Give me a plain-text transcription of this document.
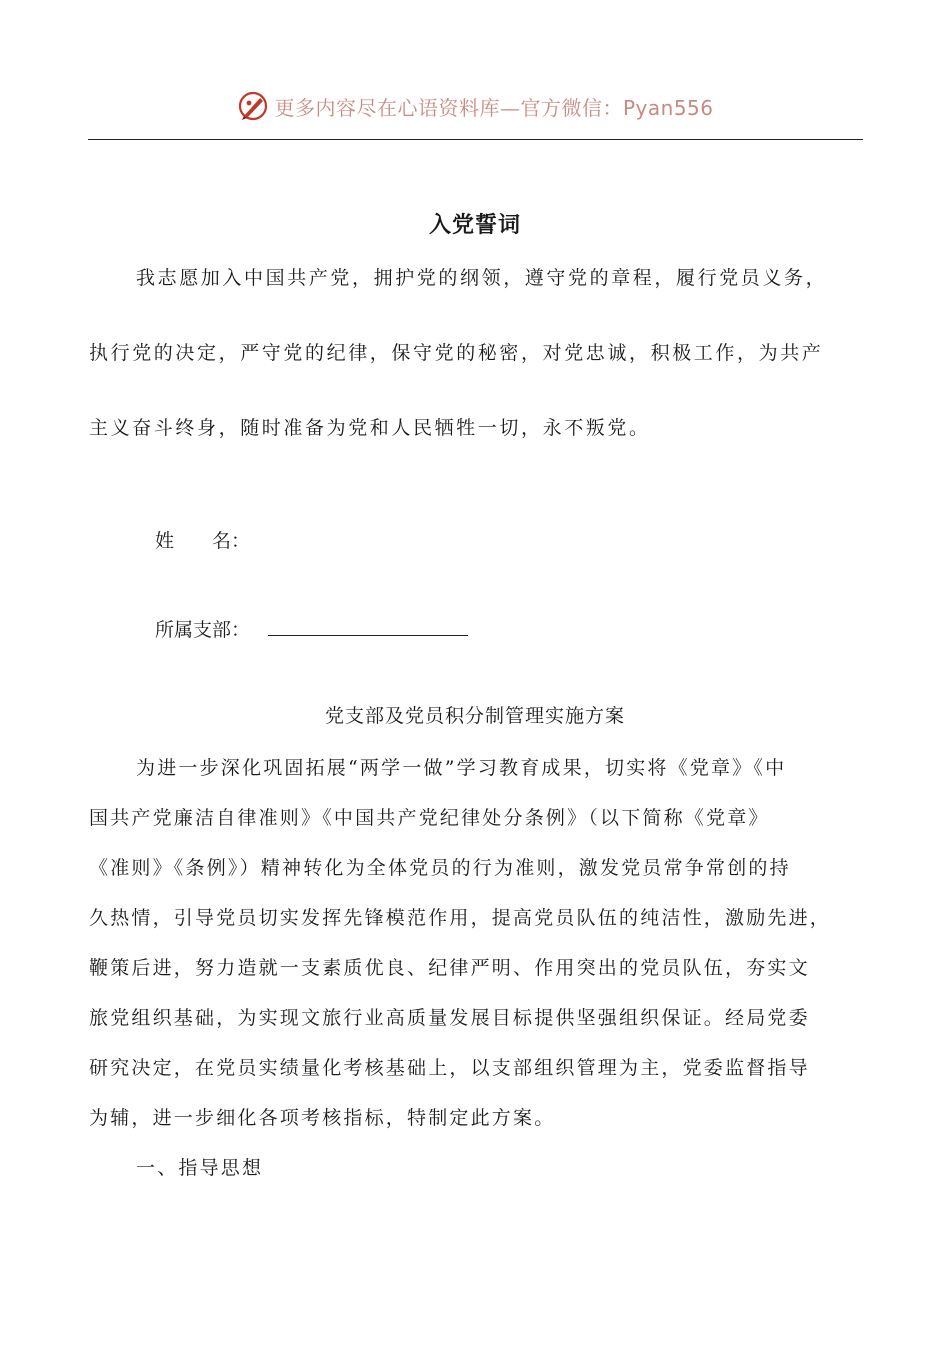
更多内容尽在心语资料库—官方微信：Pyan556
入党誓词
我志愿加入中国共产党，拥护党的纲领，遵守党的章程，履行党员义务，
执行党的决定，严守党的纪律，保守党的秘密，对党忠诚，积极工作，为共产
主义奋斗终身，随时准备为党和人民牺牲一切，永不叛党。
姓　　名：
所属支部：
党支部及党员积分制管理实施方案
为进一步深化巩固拓展“两学一做”学习教育成果，切实将《党章》《中
国共产党廉洁自律准则》《中国共产党纪律处分条例》（以下简称《党章》
《准则》《条例》）精神转化为全体党员的行为准则，激发党员常争常创的持
久热情，引导党员切实发挥先锋模范作用，提高党员队伍的纯洁性，激励先进，
鞭策后进，努力造就一支素质优良、纪律严明、作用突出的党员队伍，夯实文
旅党组织基础，为实现文旅行业高质量发展目标提供坚强组织保证。经局党委
研究决定，在党员实绩量化考核基础上，以支部组织管理为主，党委监督指导
为辅，进一步细化各项考核指标，特制定此方案。
一、指导思想
